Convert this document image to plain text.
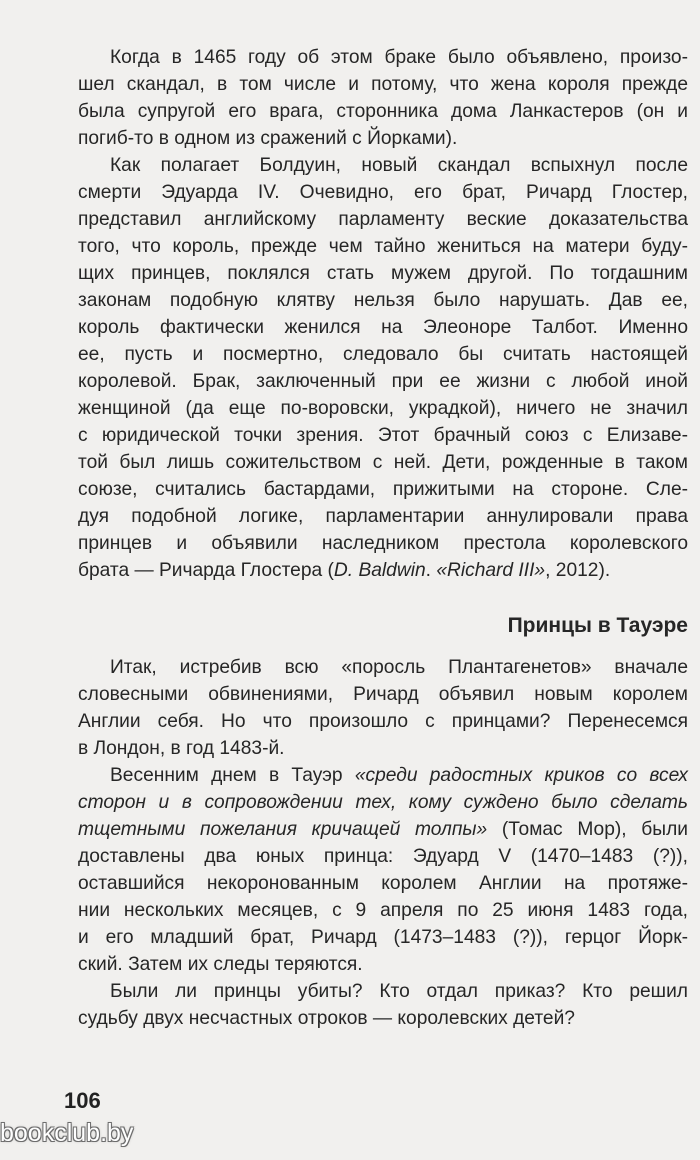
Когда в 1465 году об этом браке было объявлено, произо-
шел скандал, в том числе и потому, что жена короля прежде
была супругой его врага, сторонника дома Ланкастеров (он и
погиб-то в одном из сражений с Йорками).
Как полагает Болдуин, новый скандал вспыхнул после
смерти Эдуарда IV. Очевидно, его брат, Ричард Глостер,
представил английскому парламенту веские доказательства
того, что король, прежде чем тайно жениться на матери буду-
щих принцев, поклялся стать мужем другой. По тогдашним
законам подобную клятву нельзя было нарушать. Дав ее,
король фактически женился на Элеоноре Талбот. Именно
ее, пусть и посмертно, следовало бы считать настоящей
королевой. Брак, заключенный при ее жизни с любой иной
женщиной (да еще по-воровски, украдкой), ничего не значил
с юридической точки зрения. Этот брачный союз с Елизаве-
той был лишь сожительством с ней. Дети, рожденные в таком
союзе, считались бастардами, прижитыми на стороне. Сле-
дуя подобной логике, парламентарии аннулировали права
принцев и объявили наследником престола королевского
брата — Ричарда Глостера (D. Baldwin. «Richard III», 2012).
Принцы в Тауэре
Итак, истребив всю «поросль Плантагенетов» вначале
словесными обвинениями, Ричард объявил новым королем
Англии себя. Но что произошло с принцами? Перенесемся
в Лондон, в год 1483-й.
Весенним днем в Тауэр «среди радостных криков со всех
сторон и в сопровождении тех, кому суждено было сделать
тщетными пожелания кричащей толпы» (Томас Мор), были
доставлены два юных принца: Эдуард V (1470–1483 (?)),
оставшийся некоронованным королем Англии на протяже-
нии нескольких месяцев, с 9 апреля по 25 июня 1483 года,
и его младший брат, Ричард (1473–1483 (?)), герцог Йорк-
ский. Затем их следы теряются.
Были ли принцы убиты? Кто отдал приказ? Кто решил
судьбу двух несчастных отроков — королевских детей?
106
bookclub.by
